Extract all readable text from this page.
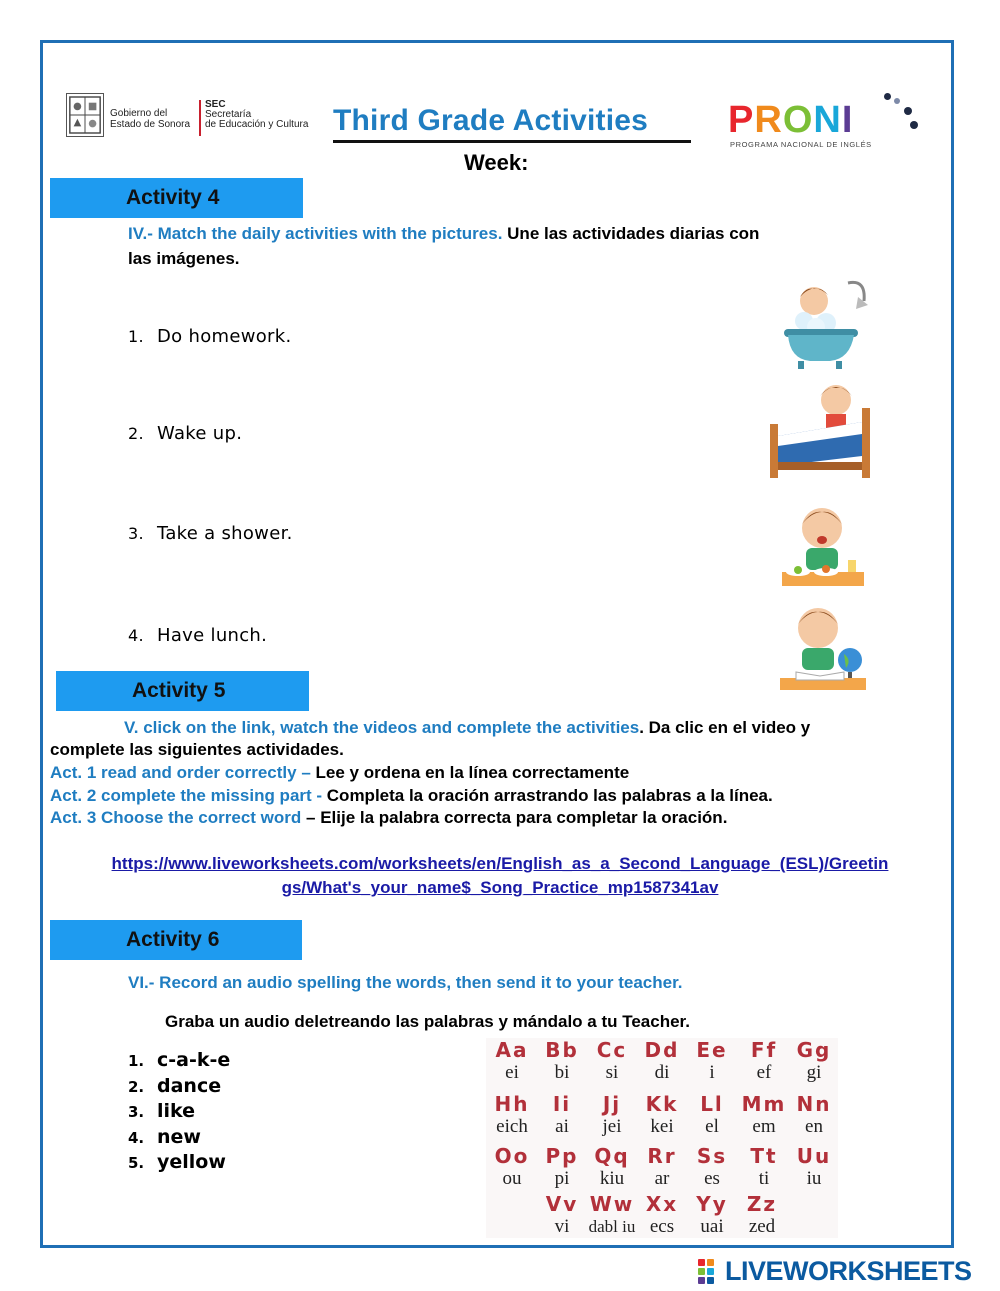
Gobierno del
Estado de Sonora
SEC
Secretaría
de Educación y Cultura Third Grade Activities
Week:
PRONI
PROGRAMA NACIONAL DE INGLÉS
Activity 4
IV.- Match the daily activities with the pictures. Une las actividades diarias con las imágenes.
1. Do homework.
2. Wake up.
3. Take a shower.
4. Have lunch.
Activity 5
V. click on the link, watch the videos and complete the activities. Da clic en el video y
complete las siguientes actividades.
Act. 1 read and order correctly – Lee y ordena en la línea correctamente
Act. 2 complete the missing part - Completa la oración arrastrando las palabras a la línea.
Act. 3 Choose the correct word – Elije la palabra correcta para completar la oración.
https://www.liveworksheets.com/worksheets/en/English_as_a_Second_Language_(ESL)/Greetin
gs/What's_your_name$_Song_Practice_mp1587341av
Activity 6
VI.- Record an audio spelling the words, then send it to your teacher.
Graba un audio deletreando las palabras y mándalo a tu Teacher.
1. c-a-k-e
2. dance
3. like
4. new
5. yellow
Aa
ei
Bb
bi
Cc
si
Dd
di
Ee
i
Ff
ef
Gg
gi
Hh
eich
Ii
ai
Jj
jei
Kk
kei
Ll
el
Mm
em
Nn
en
Oo
ou
Pp
pi
Qq
kiu
Rr
ar
Ss
es
Tt
ti
Uu
iu
Vv
vi
Ww
dabl iu
Xx
ecs
Yy
uai
Zz
zed
LIVEWORKSHEETS
